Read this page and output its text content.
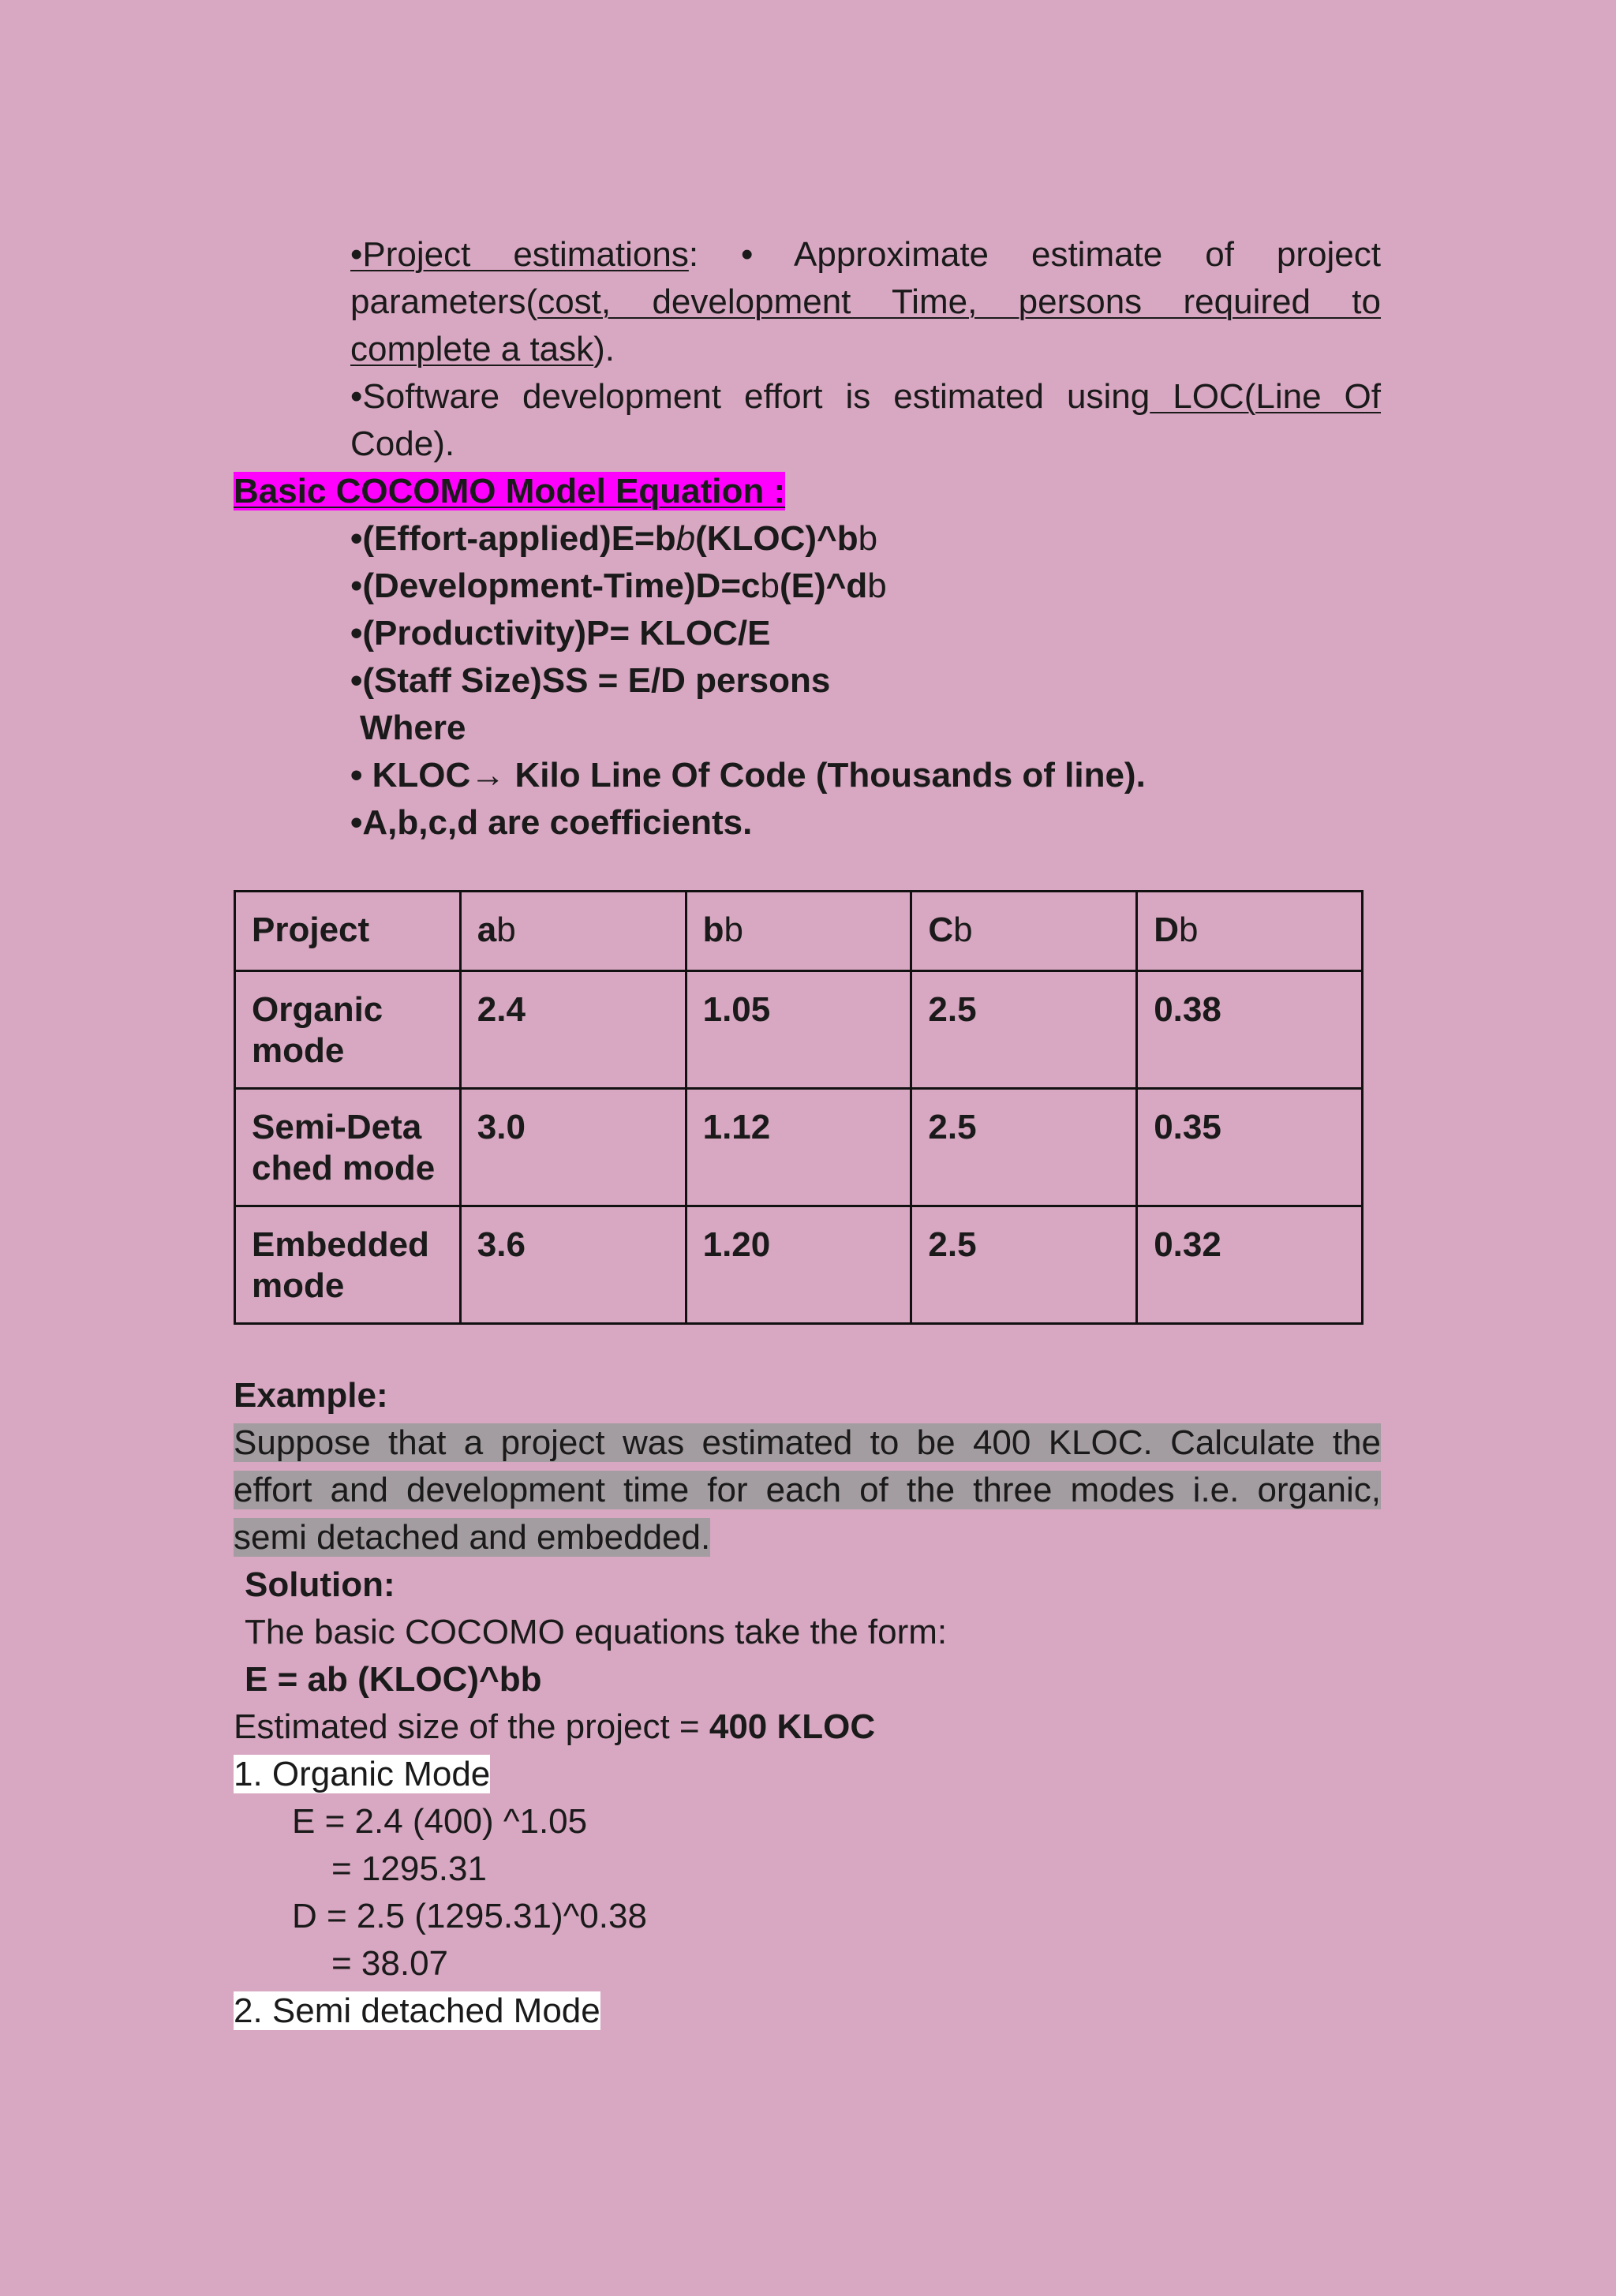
•Project estimations: • Approximate estimate of project
parameters(cost, development Time, persons required to
complete a task).
•Software development effort is estimated using LOC(Line Of
Code).
Basic COCOMO Model Equation :
•(Effort-applied)E=bb(KLOC)^bb
•(Development-Time)D=cb(E)^db
•(Productivity)P= KLOC/E
•(Staff Size)SS = E/D persons
Where
• KLOC→ Kilo Line Of Code (Thousands of line).
•A,b,c,d are coefficients.
Project	ab	bb	Cb	Db
Organic
mode	2.4	1.05	2.5	0.38
Semi-Deta
ched mode	3.0	1.12	2.5	0.35
Embedded
mode	3.6	1.20	2.5	0.32
Example:
Suppose that a project was estimated to be 400 KLOC. Calculate the
effort and development time for each of the three modes i.e. organic,
semi detached and embedded.
Solution:
The basic COCOMO equations take the form:
E = ab (KLOC)^bb
Estimated size of the project = 400 KLOC
1. Organic Mode
E = 2.4 (400) ^1.05
= 1295.31
D = 2.5 (1295.31)^0.38
= 38.07
2. Semi detached Mode
